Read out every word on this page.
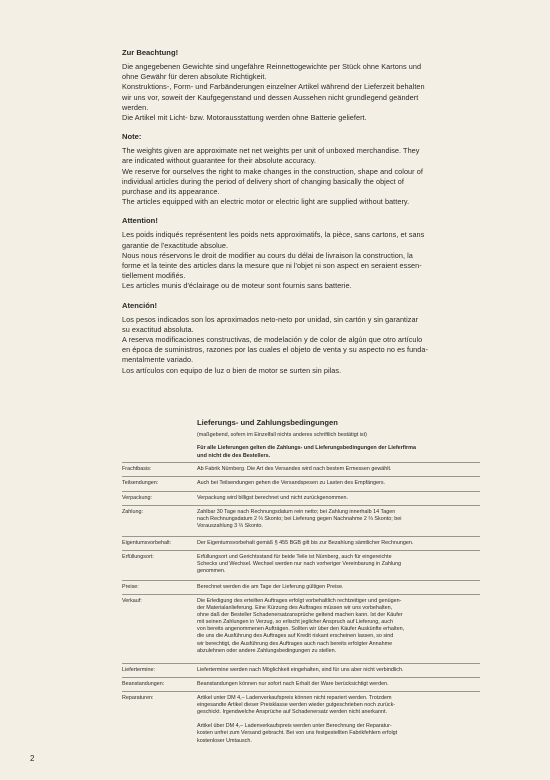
Zur Beachtung!

Die angegebenen Gewichte sind ungefähre Reinnettogewichte per Stück ohne Kartons und
ohne Gewähr für deren absolute Richtigkeit.

Konstruktions-, Form- und Farbänderungen einzelner Artikel während der Lieferzeit behalten
wir uns vor, soweit der Kaufgegenstand und dessen Aussehen nicht grundlegend geändert
werden.

Die Artikel mit Licht- bzw. Motorausstattung werden ohne Batterie geliefert.

Note:

The weights given are approximate net net weights per unit of unboxed merchandise. They
are indicated without guarantee for their absolute accuracy.

We reserve for ourselves the right to make changes in the construction, shape and colour of
individual articles during the period of delivery short of changing basically the object of
purchase and its appearance.

The articles equipped with an electric motor or electric light are supplied without battery.

Attention!

Les poids indiqués représentent les poids nets approximatifs, la pièce, sans cartons, et sans
garantie de l'exactitude absolue.

Nous nous réservons le droit de modifier au cours du délai de livraison la construction, la
forme et la teinte des articles dans la mesure que ni l'objet ni son aspect en seraient essen-
tiellement modifiés.

Les articles munis d'éclairage ou de moteur sont fournis sans batterie.

Atención!

Los pesos indicados son los aproximados neto-neto por unidad, sin cartón y sin garantizar
su exactitud absoluta.

A reserva modificaciones constructivas, de modelación y de color de algún que otro artículo
en época de suministros, razones por las cuales el objeto de venta y su aspecto no es funda-
mentalmente variado.

Los artículos con equipo de luz o bien de motor se surten sin pilas.

Lieferungs- und Zahlungsbedingungen

(maßgebend, sofern im Einzelfall nichts anderes schriftlich bestätigt ist)

Für alle Lieferungen gelten die Zahlungs- und Lieferungsbedingungen der Lieferfirma
und nicht die des Bestellers.

Frachtbasis:	Ab Fabrik Nürnberg. Die Art des Versandes wird nach bestem Ermessen gewählt.
Teilsendungen:	Auch bei Teilsendungen gehen die Versandspesen zu Lasten des Empfängers.
Verpackung:	Verpackung wird billigst berechnet und nicht zurückgenommen.
Zahlung:	Zahlbar 30 Tage nach Rechnungsdatum rein netto; bei Zahlung innerhalb 14 Tagen
nach Rechnungsdatum 2 ⅔ Skonto; bei Lieferung gegen Nachnahme 2 ⅔ Skonto; bei
Vorauszahlung 3 ⅔ Skonto.
Eigentumsvorbehalt:	Der Eigentumsvorbehalt gemäß § 455 BGB gilt bis zur Bezahlung sämtlicher Rechnungen.
Erfüllungsort:	Erfüllungsort und Gerichtsstand für beide Teile ist Nürnberg, auch für eingereichte
Schecks und Wechsel. Wechsel werden nur nach vorheriger Vereinbarung in Zahlung
genommen.
Preise:	Berechnet werden die am Tage der Lieferung gültigen Preise.
Verkauf:	Die Erledigung des erteilten Auftrages erfolgt vorbehaltlich rechtzeitiger und genügen-
der Materialanlieferung. Eine Kürzung des Auftrages müssen wir uns vorbehalten,
ohne daß der Besteller Schadenersatzansprüche geltend machen kann. Ist der Käufer
mit seinen Zahlungen in Verzug, so erlischt jeglicher Anspruch auf Lieferung, auch
von bereits angenommenen Aufträgen. Sollten wir über den Käufer Auskünfte erhalten,
die uns die Ausführung des Auftrages auf Kredit riskant erscheinen lassen, so sind
wir berechtigt, die Ausführung des Auftrages auch nach bereits erfolgter Annahme
abzulehnen oder andere Zahlungsbedingungen zu stellen.
Liefertermine:	Liefertermine werden nach Möglichkeit eingehalten, sind für uns aber nicht verbindlich.
Beanstandungen:	Beanstandungen können nur sofort nach Erhalt der Ware berücksichtigt werden.
Reparaturen:	Artikel unter DM 4,– Ladenverkaufspreis können nicht repariert werden. Trotzdem
eingesandte Artikel dieser Preisklasse werden wieder gutgeschrieben noch zurück-
geschickt. Irgendwelche Ansprüche auf Schadenersatz werden nicht anerkannt.

Artikel über DM 4,– Ladenverkaufspreis werden unter Berechnung der Reparatur-
kosten unfrei zum Versand gebracht. Bei von uns festgestellten Fabrikfehlern erfolgt
kostenloser Umtausch.
2
